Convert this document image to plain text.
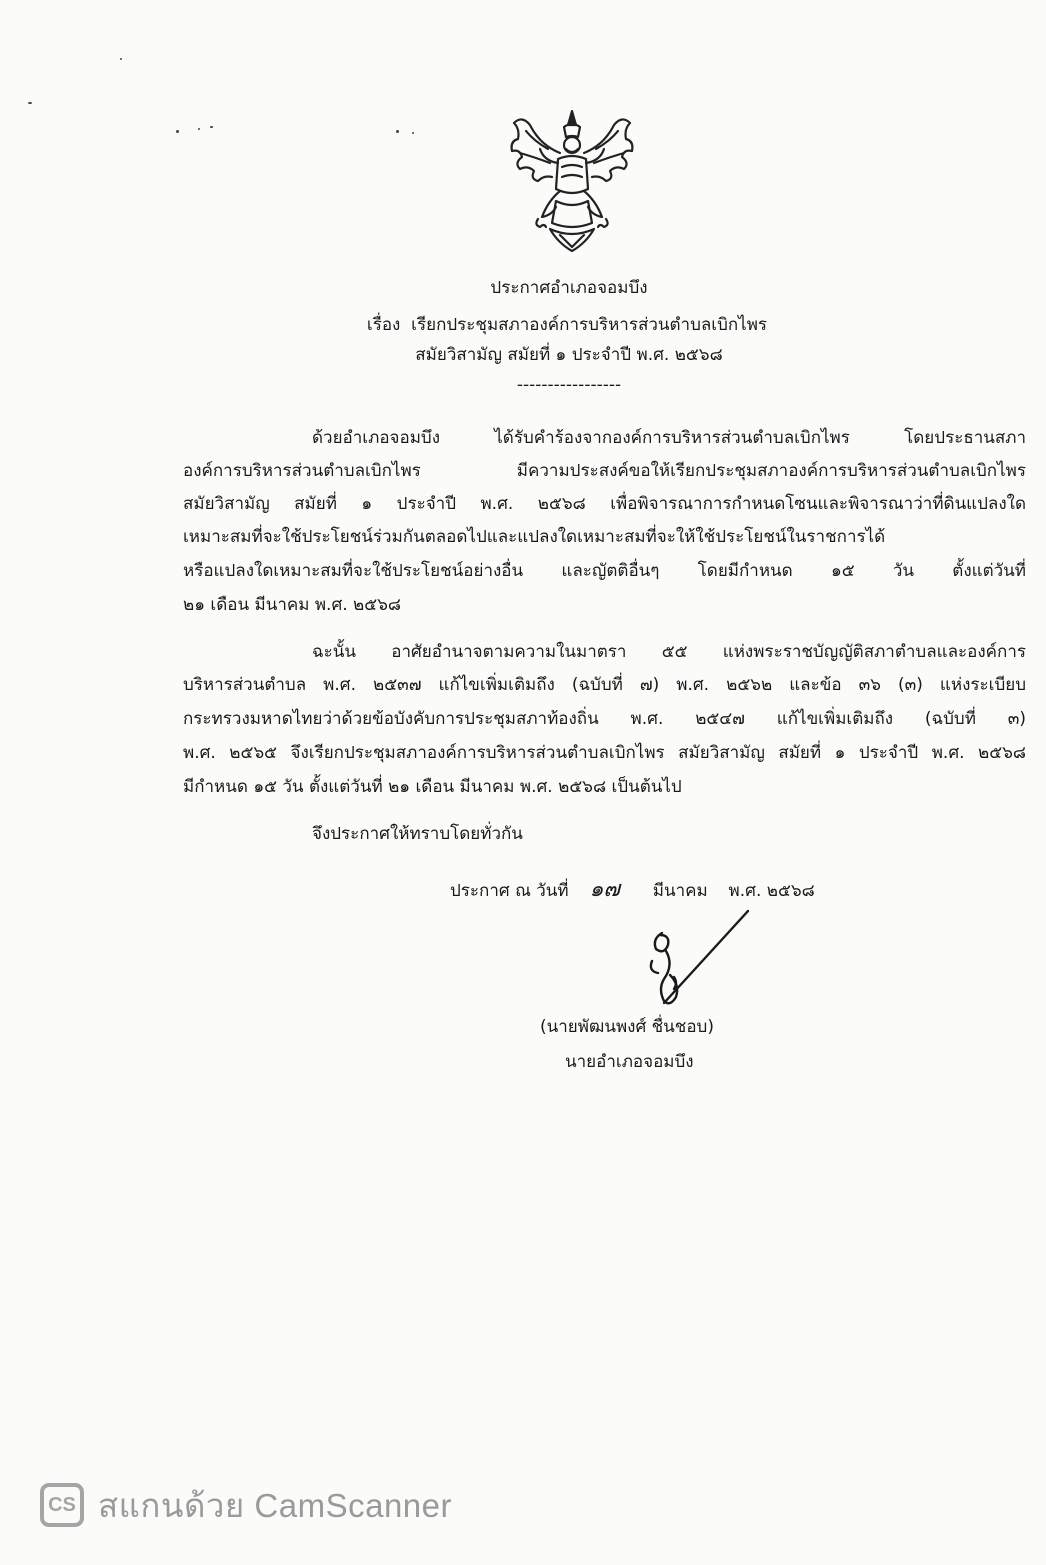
ประกาศอำเภอจอมบึง
เรื่อง เรียกประชุมสภาองค์การบริหารส่วนตำบลเบิกไพร
สมัยวิสามัญ สมัยที่ ๑ ประจำปี พ.ศ. ๒๕๖๘
-----------------
ด้วยอำเภอจอมบึง ได้รับคำร้องจากองค์การบริหารส่วนตำบลเบิกไพร โดยประธานสภา
องค์การบริหารส่วนตำบลเบิกไพร มีความประสงค์ขอให้เรียกประชุมสภาองค์การบริหารส่วนตำบลเบิกไพร
สมัยวิสามัญ สมัยที่ ๑ ประจำปี พ.ศ. ๒๕๖๘ เพื่อพิจารณาการกำหนดโซนและพิจารณาว่าที่ดินแปลงใด
เหมาะสมที่จะใช้ประโยชน์ร่วมกันตลอดไปและแปลงใดเหมาะสมที่จะให้ใช้ประโยชน์ในราชการได้
หรือแปลงใดเหมาะสมที่จะใช้ประโยชน์อย่างอื่น และญัตติอื่นๆ โดยมีกำหนด ๑๕ วัน ตั้งแต่วันที่
๒๑ เดือน มีนาคม พ.ศ. ๒๕๖๘
ฉะนั้น อาศัยอำนาจตามความในมาตรา ๕๕ แห่งพระราชบัญญัติสภาตำบลและองค์การ
บริหารส่วนตำบล พ.ศ. ๒๕๓๗ แก้ไขเพิ่มเติมถึง (ฉบับที่ ๗) พ.ศ. ๒๕๖๒ และข้อ ๓๖ (๓) แห่งระเบียบ
กระทรวงมหาดไทยว่าด้วยข้อบังคับการประชุมสภาท้องถิ่น พ.ศ. ๒๕๔๗ แก้ไขเพิ่มเติมถึง (ฉบับที่ ๓)
พ.ศ. ๒๕๖๕ จึงเรียกประชุมสภาองค์การบริหารส่วนตำบลเบิกไพร สมัยวิสามัญ สมัยที่ ๑ ประจำปี พ.ศ. ๒๕๖๘
มีกำหนด ๑๕ วัน ตั้งแต่วันที่ ๒๑ เดือน มีนาคม พ.ศ. ๒๕๖๘ เป็นต้นไป
จึงประกาศให้ทราบโดยทั่วกัน
ประกาศ ณ วันที่ ๑๗ มีนาคม พ.ศ. ๒๕๖๘
(นายพัฒนพงศ์ ชื่นชอบ)
นายอำเภอจอมบึง
CS สแกนด้วย CamScanner
